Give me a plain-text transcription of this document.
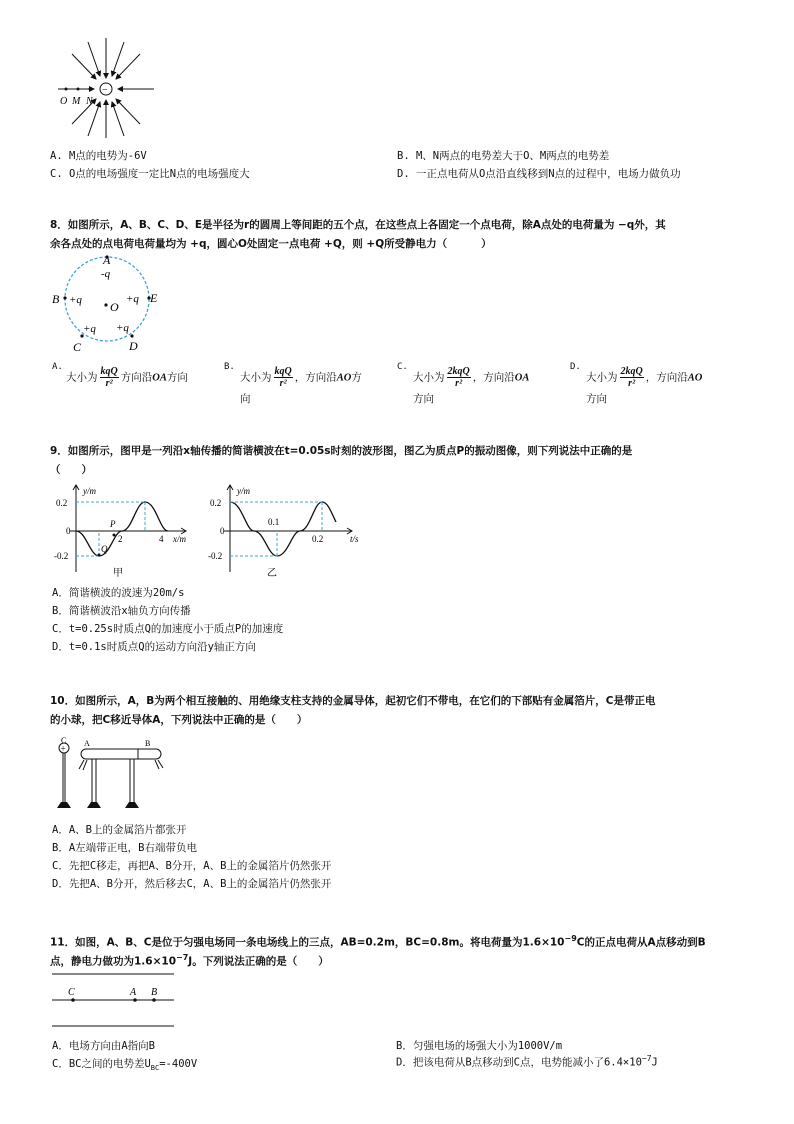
−
O M N
A. M点的电势为-6V	B. M、N两点的电势差大于O、M两点的电势差
C. O点的电场强度一定比N点的电场强度大	D. 一正点电荷从O点沿直线移到N点的过程中，电场力做负功
8．如图所示，A、B、C、D、E是半径为r的圆周上等间距的五个点，在这些点上各固定一个点电荷，除A点处的电荷量为 −q外，其
余各点处的点电荷电荷量均为 +q，圆心O处固定一点电荷 +Q，则 +Q所受静电力（	）
A
-q
B +q O
+q E
+q +q
C	D
A.
大小为 $\frac{\text{kqQ}}{\text{r²}}$ 方向沿OA方向
B.
大小为 $\frac{\text{kqQ}}{\text{r²}}$ ，方向沿AO方
向
C.
大小为 $\frac{\text{2kqQ}}{\text{r²}}$ ，方向沿OA
方向
D.
大小为 $\frac{\text{2kqQ}}{\text{r²}}$ ，方向沿AO
方向
9．如图所示，图甲是一列沿x轴传播的简谐横波在t=0.05s时刻的波形图，图乙为质点P的振动图像，则下列说法中正确的是
（　　）
y/m
0.2
0
-0.2
2	4 x/m
P
Q
甲
y/m
0.2
0
-0.2
0.1
0.2	t/s
乙
A．简谐横波的波速为20m/s
B．简谐横波沿x轴负方向传播
C．t=0.25s时质点Q的加速度小于质点P的加速度
D．t=0.1s时质点Q的运动方向沿y轴正方向
10．如图所示，A，B为两个相互接触的、用绝缘支柱支持的金属导体，起初它们不带电，在它们的下部贴有金属箔片，C是带正电
的小球，把C移近导体A，下列说法中正确的是（　　）
+
C A	B
A．A、B上的金属箔片都张开
B．A左端带正电，B右端带负电
C．先把C移走，再把A、B分开，A、B上的金属箔片仍然张开
D．先把A、B分开，然后移去C，A、B上的金属箔片仍然张开
11．如图，A、B、C是位于匀强电场同一条电场线上的三点，AB=0.2m，BC=0.8m。将电荷量为$1.6\times 10^{-9}C$的正点电荷从A点移动到B
点，静电力做功为$1.6\times 10^{-7}J$。下列说法正确的是（　　）
C	A B
A．电场方向由A指向B	B．匀强电场的场强大小为1000V/m
C．BC之间的电势差$U_{BC}=-400V$	D．把该电荷从B点移动到C点，电势能减小了$6.4\times 10^{-7}J$
